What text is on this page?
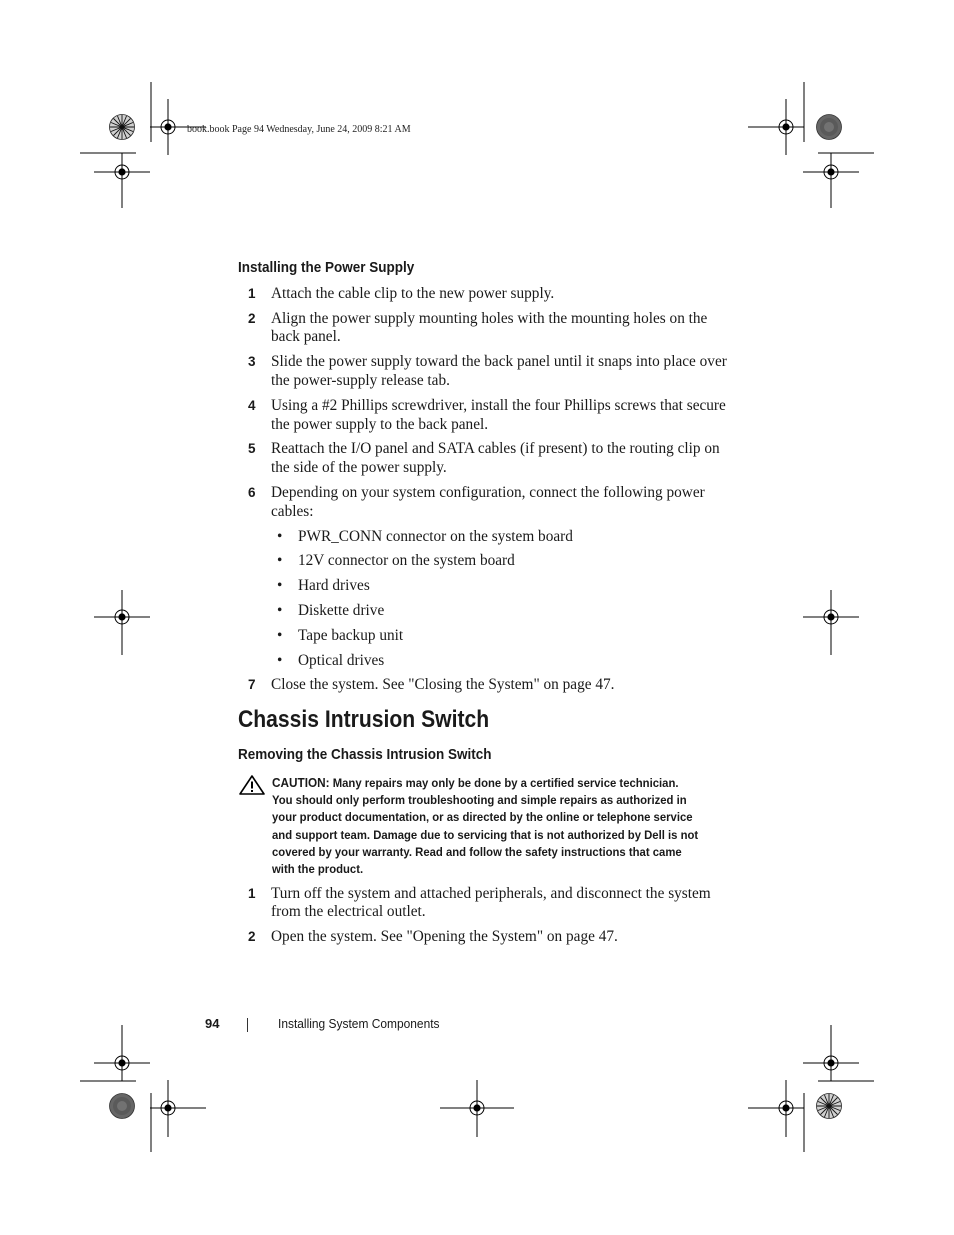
book.book Page 94 Wednesday, June 24, 2009 8:21 AM
Installing the Power Supply
1	Attach the cable clip to the new power supply.
2	Align the power supply mounting holes with the mounting holes on the back panel.
3	Slide the power supply toward the back panel until it snaps into place over the power-supply release tab.
4	Using a #2 Phillips screwdriver, install the four Phillips screws that secure the power supply to the back panel.
5	Reattach the I/O panel and SATA cables (if present) to the routing clip on the side of the power supply.
6	Depending on your system configuration, connect the following power cables:
•	PWR_CONN connector on the system board
•	12V connector on the system board
•	Hard drives
•	Diskette drive
•	Tape backup unit
•	Optical drives
7	Close the system. See "Closing the System" on page 47.
Chassis Intrusion Switch
Removing the Chassis Intrusion Switch
CAUTION: Many repairs may only be done by a certified service technician. You should only perform troubleshooting and simple repairs as authorized in your product documentation, or as directed by the online or telephone service and support team. Damage due to servicing that is not authorized by Dell is not covered by your warranty. Read and follow the safety instructions that came with the product.
1	Turn off the system and attached peripherals, and disconnect the system from the electrical outlet.
2	Open the system. See "Opening the System" on page 47.
94	Installing System Components
